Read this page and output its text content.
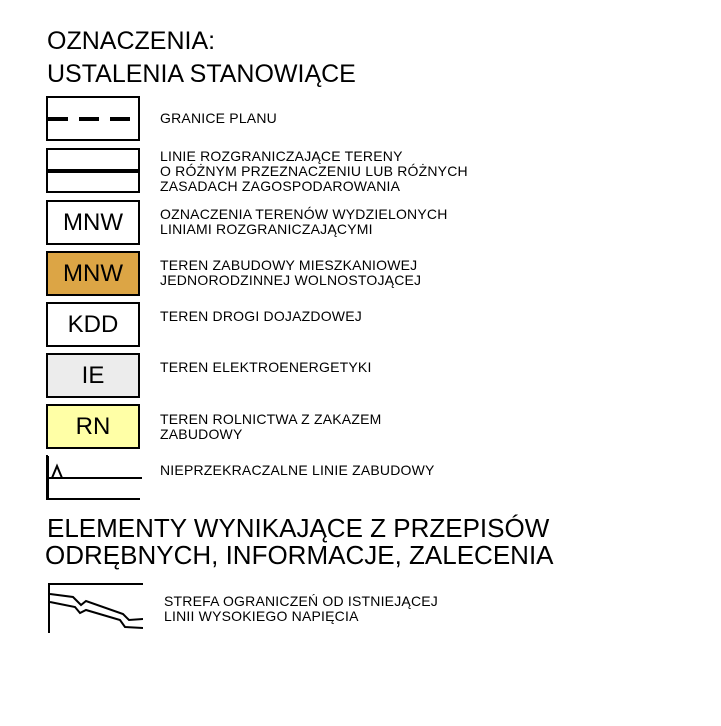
OZNACZENIA:
USTALENIA STANOWIĄCE
GRANICE PLANU
LINIE ROZGRANICZAJĄCE TERENY
O RÓŻNYM PRZEZNACZENIU LUB RÓŻNYCH
ZASADACH ZAGOSPODAROWANIA
MNW	OZNACZENIA TERENÓW WYDZIELONYCH
LINIAMI ROZGRANICZAJĄCYMI
MNW	TEREN ZABUDOWY MIESZKANIOWEJ
JEDNORODZINNEJ WOLNOSTOJĄCEJ
KDD	TEREN DROGI DOJAZDOWEJ
IE	TEREN ELEKTROENERGETYKI
RN	TEREN ROLNICTWA Z ZAKAZEM
ZABUDOWY
NIEPRZEKRACZALNE LINIE ZABUDOWY
ELEMENTY WYNIKAJĄCE Z PRZEPISÓW
ODRĘBNYCH, INFORMACJE, ZALECENIA
STREFA OGRANICZEŃ OD ISTNIEJĄCEJ
LINII WYSOKIEGO NAPIĘCIA
